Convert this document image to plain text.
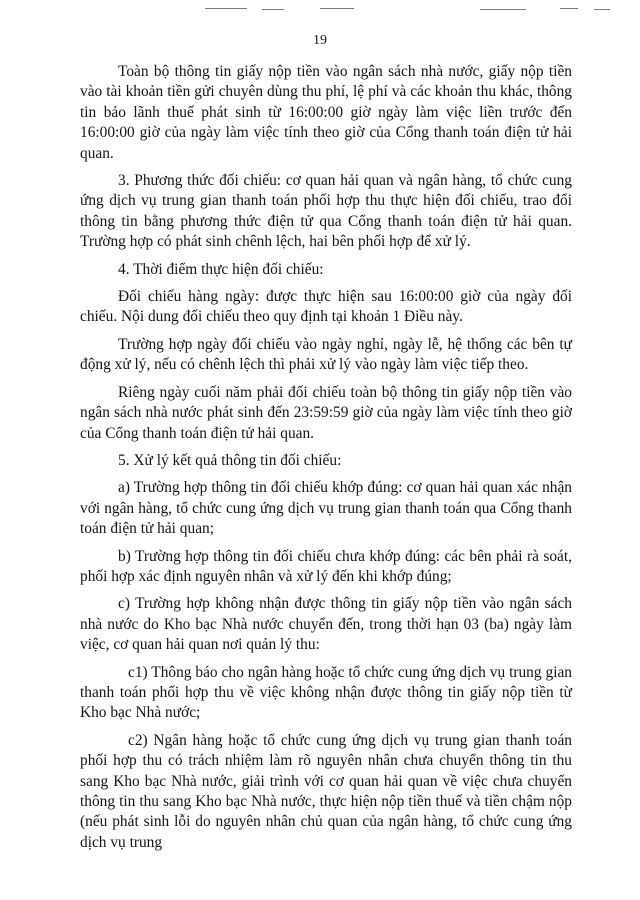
19

Toàn bộ thông tin giấy nộp tiền vào ngân sách nhà nước, giấy nộp tiền vào tài khoản tiền gửi chuyên dùng thu phí, lệ phí và các khoản thu khác, thông tin bảo lãnh thuế phát sinh từ 16:00:00 giờ ngày làm việc liền trước đến 16:00:00 giờ của ngày làm việc tính theo giờ của Cổng thanh toán điện tử hải quan.

3. Phương thức đối chiếu: cơ quan hải quan và ngân hàng, tổ chức cung ứng dịch vụ trung gian thanh toán phối hợp thu thực hiện đối chiếu, trao đổi thông tin bằng phương thức điện tử qua Cổng thanh toán điện tử hải quan. Trường hợp có phát sinh chênh lệch, hai bên phối hợp để xử lý.

4. Thời điểm thực hiện đối chiếu:

Đối chiếu hàng ngày: được thực hiện sau 16:00:00 giờ của ngày đối chiếu. Nội dung đối chiếu theo quy định tại khoản 1 Điều này.

Trường hợp ngày đối chiếu vào ngày nghỉ, ngày lễ, hệ thống các bên tự động xử lý, nếu có chênh lệch thì phải xử lý vào ngày làm việc tiếp theo.

Riêng ngày cuối năm phải đối chiếu toàn bộ thông tin giấy nộp tiền vào ngân sách nhà nước phát sinh đến 23:59:59 giờ của ngày làm việc tính theo giờ của Cổng thanh toán điện tử hải quan.

5. Xử lý kết quả thông tin đối chiếu:

a) Trường hợp thông tin đối chiếu khớp đúng: cơ quan hải quan xác nhận với ngân hàng, tổ chức cung ứng dịch vụ trung gian thanh toán qua Cổng thanh toán điện tử hải quan;

b) Trường hợp thông tin đối chiếu chưa khớp đúng: các bên phải rà soát, phối hợp xác định nguyên nhân và xử lý đến khi khớp đúng;

c) Trường hợp không nhận được thông tin giấy nộp tiền vào ngân sách nhà nước do Kho bạc Nhà nước chuyển đến, trong thời hạn 03 (ba) ngày làm việc, cơ quan hải quan nơi quản lý thu:

c1) Thông báo cho ngân hàng hoặc tổ chức cung ứng dịch vụ trung gian thanh toán phối hợp thu về việc không nhận được thông tin giấy nộp tiền từ Kho bạc Nhà nước;

c2) Ngân hàng hoặc tổ chức cung ứng dịch vụ trung gian thanh toán phối hợp thu có trách nhiệm làm rõ nguyên nhân chưa chuyển thông tin thu sang Kho bạc Nhà nước, giải trình với cơ quan hải quan về việc chưa chuyển thông tin thu sang Kho bạc Nhà nước, thực hiện nộp tiền thuế và tiền chậm nộp (nếu phát sinh lỗi do nguyên nhân chủ quan của ngân hàng, tổ chức cung ứng dịch vụ trung
